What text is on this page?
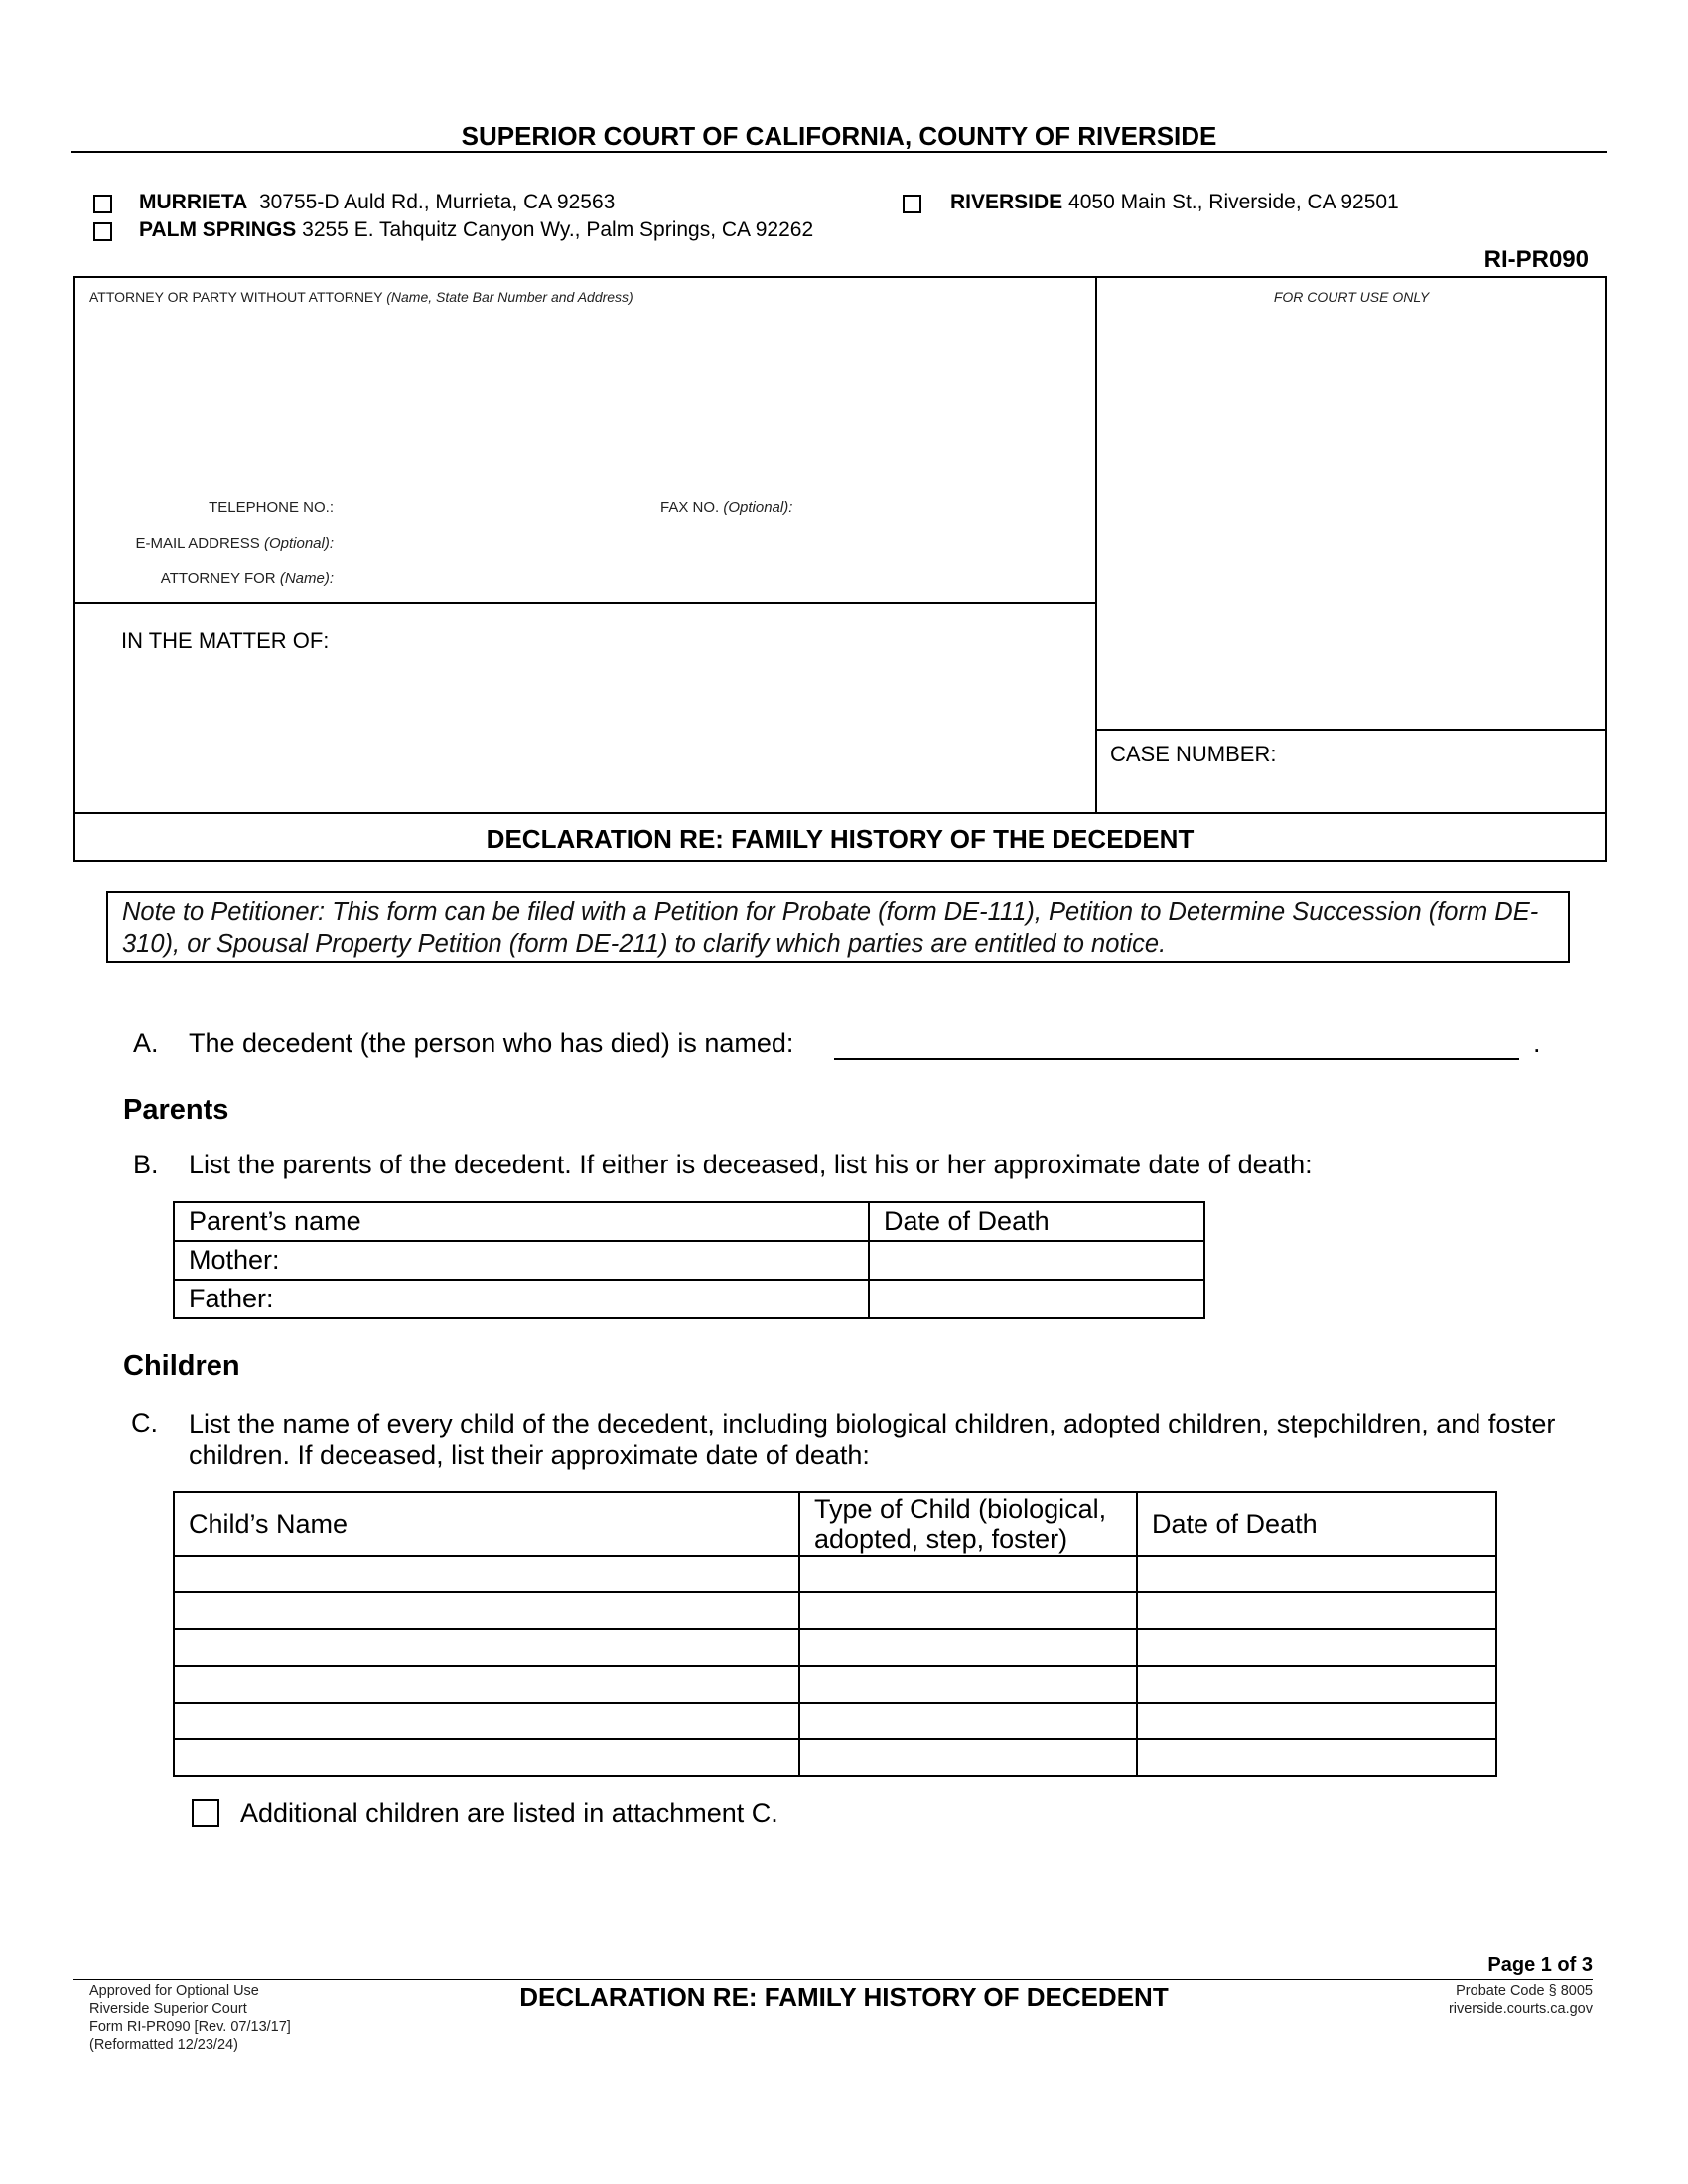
SUPERIOR COURT OF CALIFORNIA, COUNTY OF RIVERSIDE
MURRIETA 30755-D Auld Rd., Murrieta, CA 92563
PALM SPRINGS 3255 E. Tahquitz Canyon Wy., Palm Springs, CA 92262
RIVERSIDE 4050 Main St., Riverside, CA 92501
RI-PR090
ATTORNEY OR PARTY WITHOUT ATTORNEY (Name, State Bar Number and Address)	FOR COURT USE ONLY
TELEPHONE NO.:	FAX NO. (Optional):
E-MAIL ADDRESS (Optional):
ATTORNEY FOR (Name):
IN THE MATTER OF:
CASE NUMBER:
DECLARATION RE: FAMILY HISTORY OF THE DECEDENT
Note to Petitioner: This form can be filed with a Petition for Probate (form DE-111), Petition to Determine Succession (form DE-310), or Spousal Property Petition (form DE-211) to clarify which parties are entitled to notice.
A. The decedent (the person who has died) is named:	.
Parents
B. List the parents of the decedent. If either is deceased, list his or her approximate date of death:
Parent’s name	Date of Death
Mother:	
Father:	
Children
C. List the name of every child of the decedent, including biological children, adopted children, stepchildren, and foster children. If deceased, list their approximate date of death:
Child’s Name	Type of Child (biological, adopted, step, foster)	Date of Death

Additional children are listed in attachment C.
Page 1 of 3
Approved for Optional Use
Riverside Superior Court
Form RI-PR090 [Rev. 07/13/17]
(Reformatted 12/23/24)
DECLARATION RE: FAMILY HISTORY OF DECEDENT	Probate Code § 8005
riverside.courts.ca.gov
